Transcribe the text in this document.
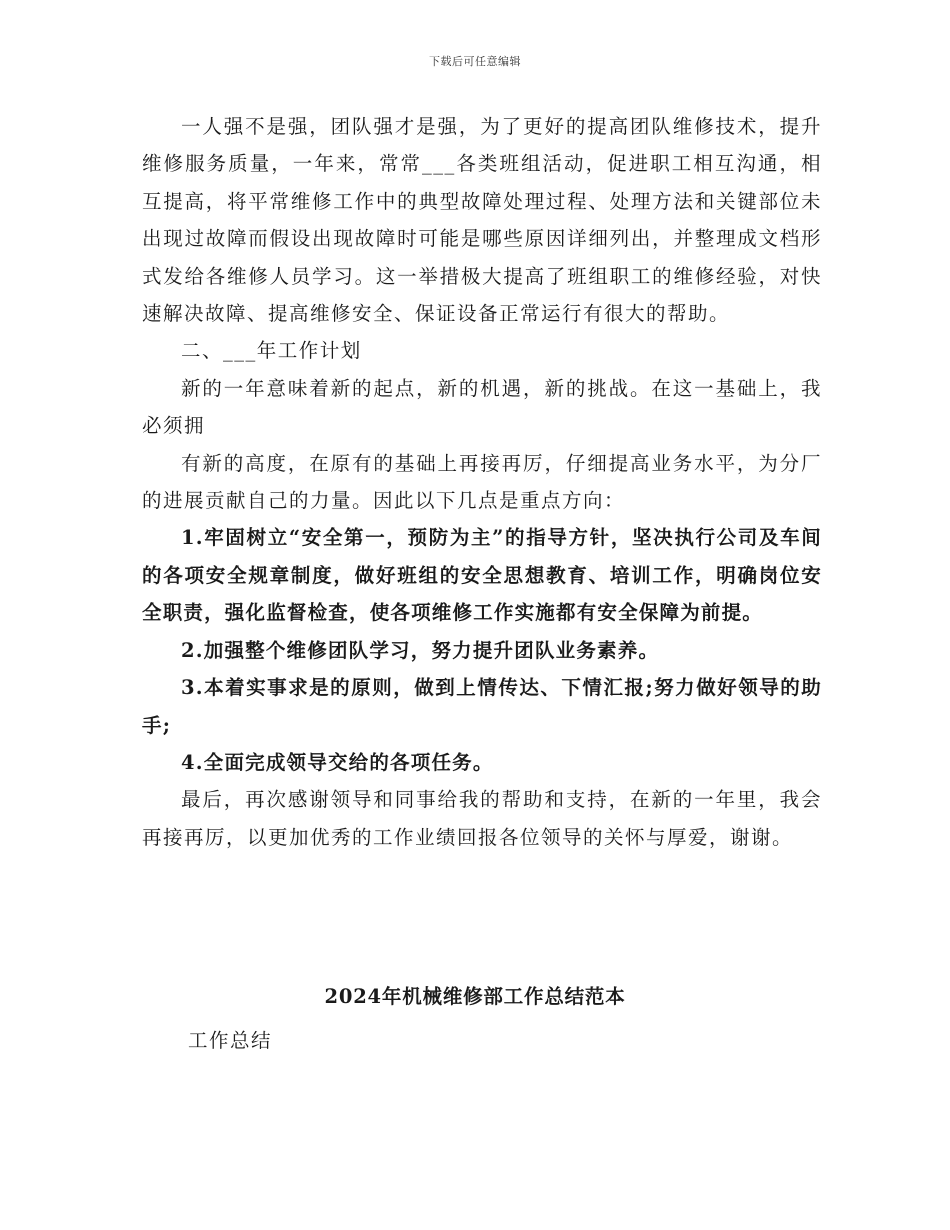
下载后可任意编辑

一人强不是强，团队强才是强，为了更好的提高团队维修技术，提升维修服务质量，一年来，常常___各类班组活动，促进职工相互沟通，相互提高，将平常维修工作中的典型故障处理过程、处理方法和关键部位未出现过故障而假设出现故障时可能是哪些原因详细列出，并整理成文档形式发给各维修人员学习。这一举措极大提高了班组职工的维修经验，对快速解决故障、提高维修安全、保证设备正常运行有很大的帮助。

二、___年工作计划

新的一年意味着新的起点，新的机遇，新的挑战。在这一基础上，我必须拥

有新的高度，在原有的基础上再接再厉，仔细提高业务水平，为分厂的进展贡献自己的力量。因此以下几点是重点方向：

1.牢固树立“安全第一，预防为主”的指导方针，坚决执行公司及车间的各项安全规章制度，做好班组的安全思想教育、培训工作，明确岗位安全职责，强化监督检查，使各项维修工作实施都有安全保障为前提。

2.加强整个维修团队学习，努力提升团队业务素养。

3.本着实事求是的原则，做到上情传达、下情汇报;努力做好领导的助手;

4.全面完成领导交给的各项任务。

最后，再次感谢领导和同事给我的帮助和支持，在新的一年里，我会再接再厉，以更加优秀的工作业绩回报各位领导的关怀与厚爱，谢谢。

2024年机械维修部工作总结范本
工作总结
